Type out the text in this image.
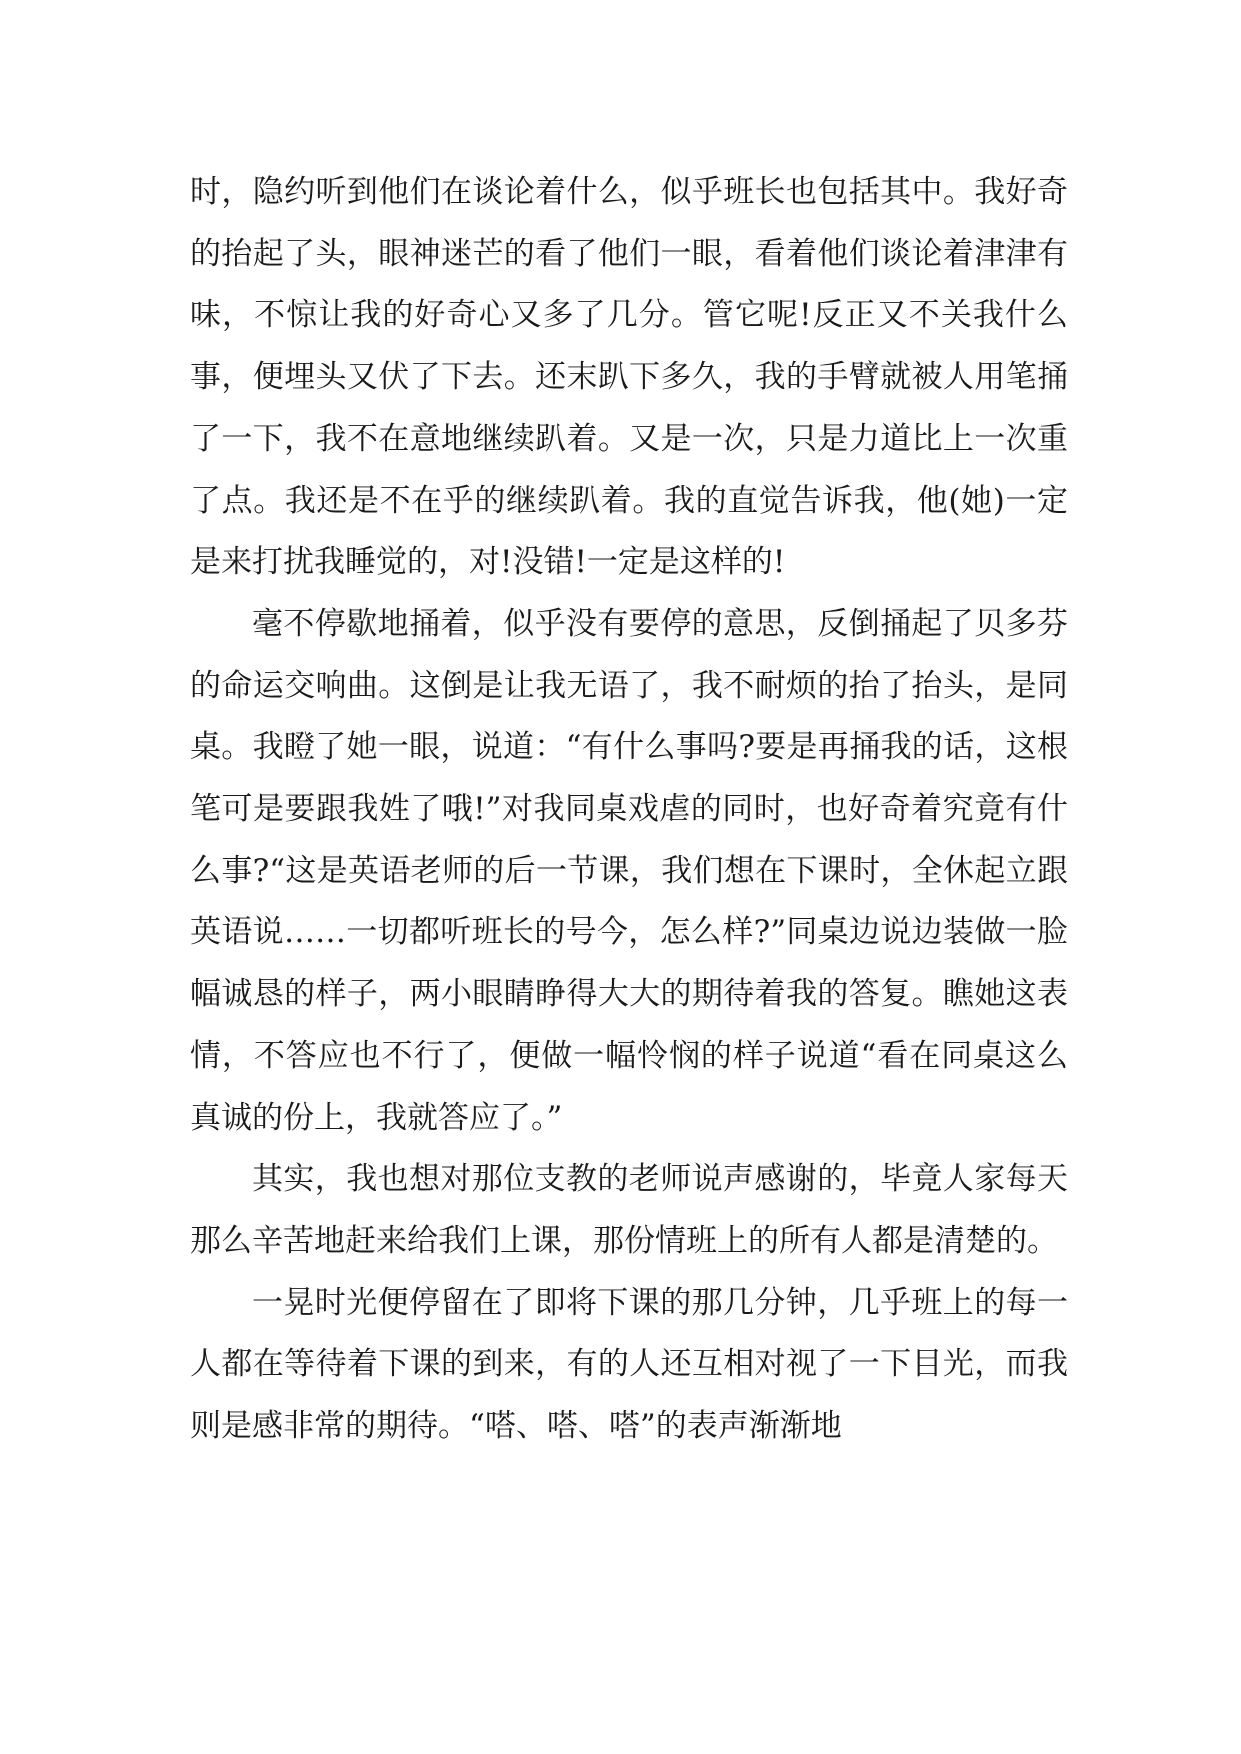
时，隐约听到他们在谈论着什么，似乎班长也包括其中。我好奇的抬起了头，眼神迷芒的看了他们一眼，看着他们谈论着津津有味，不惊让我的好奇心又多了几分。管它呢!反正又不关我什么事，便埋头又伏了下去。还末趴下多久，我的手臂就被人用笔捅了一下，我不在意地继续趴着。又是一次，只是力道比上一次重了点。我还是不在乎的继续趴着。我的直觉告诉我，他(她)一定是来打扰我睡觉的，对!没错!一定是这样的!

毫不停歇地捅着，似乎没有要停的意思，反倒捅起了贝多芬的命运交响曲。这倒是让我无语了，我不耐烦的抬了抬头，是同桌。我瞪了她一眼，说道：“有什么事吗?要是再捅我的话，这根笔可是要跟我姓了哦!”对我同桌戏虐的同时，也好奇着究竟有什么事?“这是英语老师的后一节课，我们想在下课时，全休起立跟英语说……一切都听班长的号今，怎么样?”同桌边说边装做一脸幅诚恳的样子，两小眼睛睁得大大的期待着我的答复。瞧她这表情，不答应也不行了，便做一幅怜悯的样子说道“看在同桌这么真诚的份上，我就答应了。”

其实，我也想对那位支教的老师说声感谢的，毕竟人家每天那么辛苦地赶来给我们上课，那份情班上的所有人都是清楚的。

一晃时光便停留在了即将下课的那几分钟，几乎班上的每一人都在等待着下课的到来，有的人还互相对视了一下目光，而我则是感非常的期待。“嗒、嗒、嗒”的表声渐渐地
